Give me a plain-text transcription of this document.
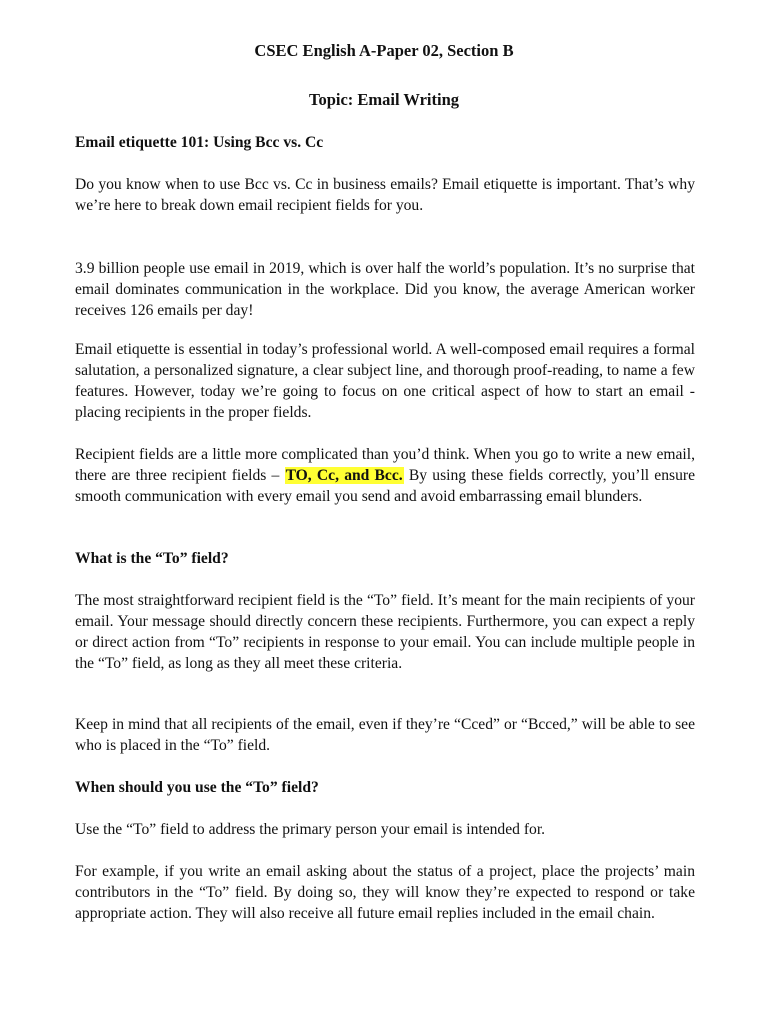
CSEC English A-Paper 02, Section B
Topic: Email Writing
Email etiquette 101: Using Bcc vs. Cc

Do you know when to use Bcc vs. Cc in business emails? Email etiquette is important. That’s why we’re here to break down email recipient fields for you.

3.9 billion people use email in 2019, which is over half the world’s population. It’s no surprise that email dominates communication in the workplace. Did you know, the average American worker receives 126 emails per day!

Email etiquette is essential in today’s professional world. A well-composed email requires a formal salutation, a personalized signature, a clear subject line, and thorough proof-reading, to name a few features. However, today we’re going to focus on one critical aspect of how to start an email - placing recipients in the proper fields.

Recipient fields are a little more complicated than you’d think. When you go to write a new email, there are three recipient fields – TO, Cc, and Bcc. By using these fields correctly, you’ll ensure smooth communication with every email you send and avoid embarrassing email blunders.

What is the “To” field?

The most straightforward recipient field is the “To” field. It’s meant for the main recipients of your email. Your message should directly concern these recipients. Furthermore, you can expect a reply or direct action from “To” recipients in response to your email. You can include multiple people in the “To” field, as long as they all meet these criteria.

Keep in mind that all recipients of the email, even if they’re “Cced” or “Bcced,” will be able to see who is placed in the “To” field.

When should you use the “To” field?

Use the “To” field to address the primary person your email is intended for.

For example, if you write an email asking about the status of a project, place the projects’ main contributors in the “To” field. By doing so, they will know they’re expected to respond or take appropriate action. They will also receive all future email replies included in the email chain.
